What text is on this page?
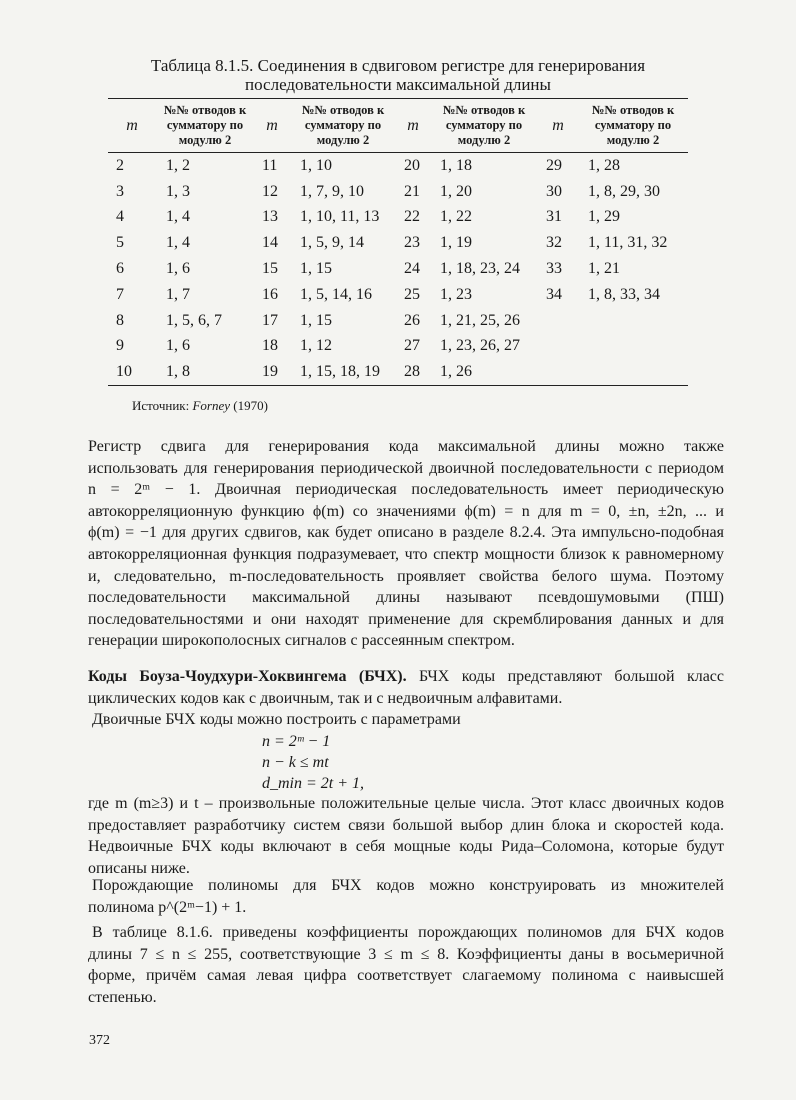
Таблица 8.1.5. Соединения в сдвиговом регистре для генерирования
последовательности максимальной длины
m	№№ отводов к сумматору по модулю 2	m	№№ отводов к сумматору по модулю 2	m	№№ отводов к сумматору по модулю 2	m	№№ отводов к сумматору по модулю 2
2	1, 2	11	1, 10	20	1, 18	29	1, 28
3	1, 3	12	1, 7, 9, 10	21	1, 20	30	1, 8, 29, 30
4	1, 4	13	1, 10, 11, 13	22	1, 22	31	1, 29
5	1, 4	14	1, 5, 9, 14	23	1, 19	32	1, 11, 31, 32
6	1, 6	15	1, 15	24	1, 18, 23, 24	33	1, 21
7	1, 7	16	1, 5, 14, 16	25	1, 23	34	1, 8, 33, 34
8	1, 5, 6, 7	17	1, 15	26	1, 21, 25, 26		
9	1, 6	18	1, 12	27	1, 23, 26, 27		
10	1, 8	19	1, 15, 18, 19	28	1, 26		
Источник: Forney (1970)
Регистр сдвига для генерирования кода максимальной длины можно также
использовать для генерирования периодической двоичной последовательности с периодом
n = 2ᵐ − 1. Двоичная периодическая последовательность имеет периодическую
автокорреляционную функцию ϕ(m) со значениями ϕ(m) = n для m = 0, ±n, ±2n, ... и
ϕ(m) = −1 для других сдвигов, как будет описано в разделе 8.2.4. Эта импульсно-подобная
автокорреляционная функция подразумевает, что спектр мощности близок к равномерному
и, следовательно, m-последовательность проявляет свойства белого шума. Поэтому
последовательности максимальной длины называют псевдошумовыми (ПШ)
последовательностями и они находят применение для скремблирования данных и для
генерации широкополосных сигналов с рассеянным спектром.
Коды Боуза-Чоудхури-Хоквингема (БЧХ). БЧХ коды представляют большой класс
циклических кодов как с двоичным, так и с недвоичным алфавитами.
Двоичные БЧХ коды можно построить с параметрами
n = 2ᵐ − 1
n − k ≤ mt
d_min = 2t + 1,
где m (m≥3) и t – произвольные положительные целые числа. Этот класс двоичных кодов
предоставляет разработчику систем связи большой выбор длин блока и скоростей кода.
Недвоичные БЧХ коды включают в себя мощные коды Рида–Соломона, которые будут
описаны ниже.
Порождающие полиномы для БЧХ кодов можно конструировать из множителей
полинома p^(2ᵐ−1) + 1.
В таблице 8.1.6. приведены коэффициенты порождающих полиномов для БЧХ кодов
длины 7 ≤ n ≤ 255, соответствующие 3 ≤ m ≤ 8. Коэффициенты даны в восьмеричной
форме, причём самая левая цифра соответствует слагаемому полинома с наивысшей
степенью.
372
